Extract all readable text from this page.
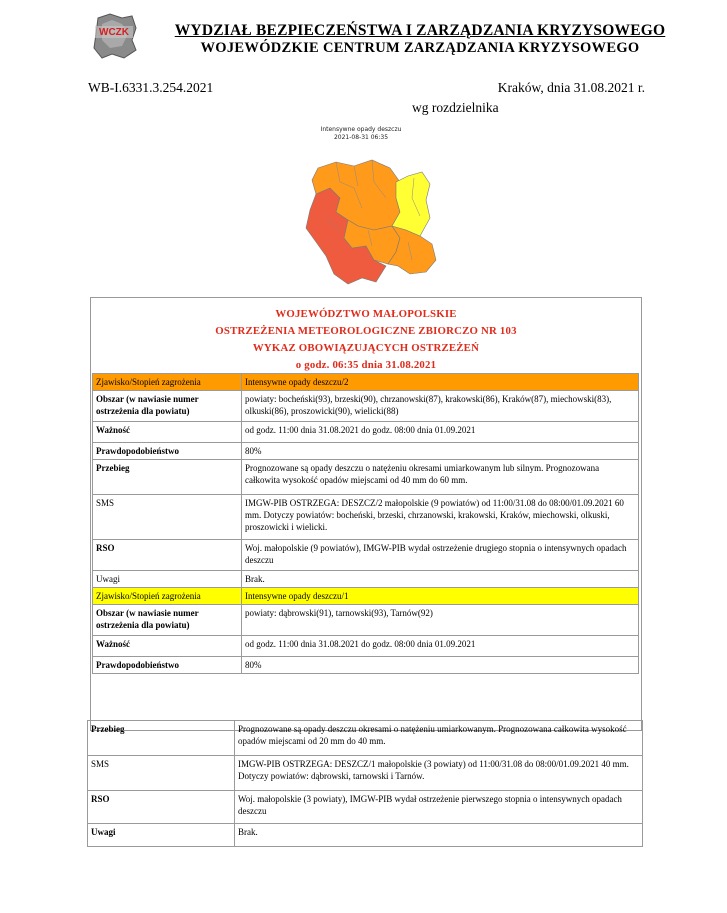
WCZK	WYDZIAŁ BEZPIECZEŃSTWA I ZARZĄDZANIA KRYZYSOWEGO
WOJEWÓDZKIE CENTRUM ZARZĄDZANIA KRYZYSOWEGO
WB-I.6331.3.254.2021	Kraków, dnia 31.08.2021 r.
wg rozdzielnika
Intensywne opady deszczu
2021-08-31 06:35
WOJEWÓDZTWO MAŁOPOLSKIE
OSTRZEŻENIA METEOROLOGICZNE ZBIORCZO NR 103
WYKAZ OBOWIĄZUJĄCYCH OSTRZEŻEŃ
o godz. 06:35 dnia 31.08.2021
Zjawisko/Stopień zagrożenia	Intensywne opady deszczu/2
Obszar (w nawiasie numer ostrzeżenia dla powiatu)	powiaty: bocheński(93), brzeski(90), chrzanowski(87), krakowski(86), Kraków(87), miechowski(83), olkuski(86), proszowicki(90), wielicki(88)
Ważność	od godz. 11:00 dnia 31.08.2021 do godz. 08:00 dnia 01.09.2021
Prawdopodobieństwo	80%
Przebieg	Prognozowane są opady deszczu o natężeniu okresami umiarkowanym lub silnym. Prognozowana całkowita wysokość opadów miejscami od 40 mm do 60 mm.
SMS	IMGW-PIB OSTRZEGA: DESZCZ/2 małopolskie (9 powiatów) od 11:00/31.08 do 08:00/01.09.2021 60 mm. Dotyczy powiatów: bocheński, brzeski, chrzanowski, krakowski, Kraków, miechowski, olkuski, proszowicki i wielicki.
RSO	Woj. małopolskie (9 powiatów), IMGW-PIB wydał ostrzeżenie drugiego stopnia o intensywnych opadach deszczu
Uwagi	Brak.
Zjawisko/Stopień zagrożenia	Intensywne opady deszczu/1
Obszar (w nawiasie numer ostrzeżenia dla powiatu)	powiaty: dąbrowski(91), tarnowski(93), Tarnów(92)
Ważność	od godz. 11:00 dnia 31.08.2021 do godz. 08:00 dnia 01.09.2021
Prawdopodobieństwo	80%
Przebieg	Prognozowane są opady deszczu okresami o natężeniu umiarkowanym. Prognozowana całkowita wysokość opadów miejscami od 20 mm do 40 mm.
SMS	IMGW-PIB OSTRZEGA: DESZCZ/1 małopolskie (3 powiaty) od 11:00/31.08 do 08:00/01.09.2021 40 mm. Dotyczy powiatów: dąbrowski, tarnowski i Tarnów.
RSO	Woj. małopolskie (3 powiaty), IMGW-PIB wydał ostrzeżenie pierwszego stopnia o intensywnych opadach deszczu
Uwagi	Brak.
